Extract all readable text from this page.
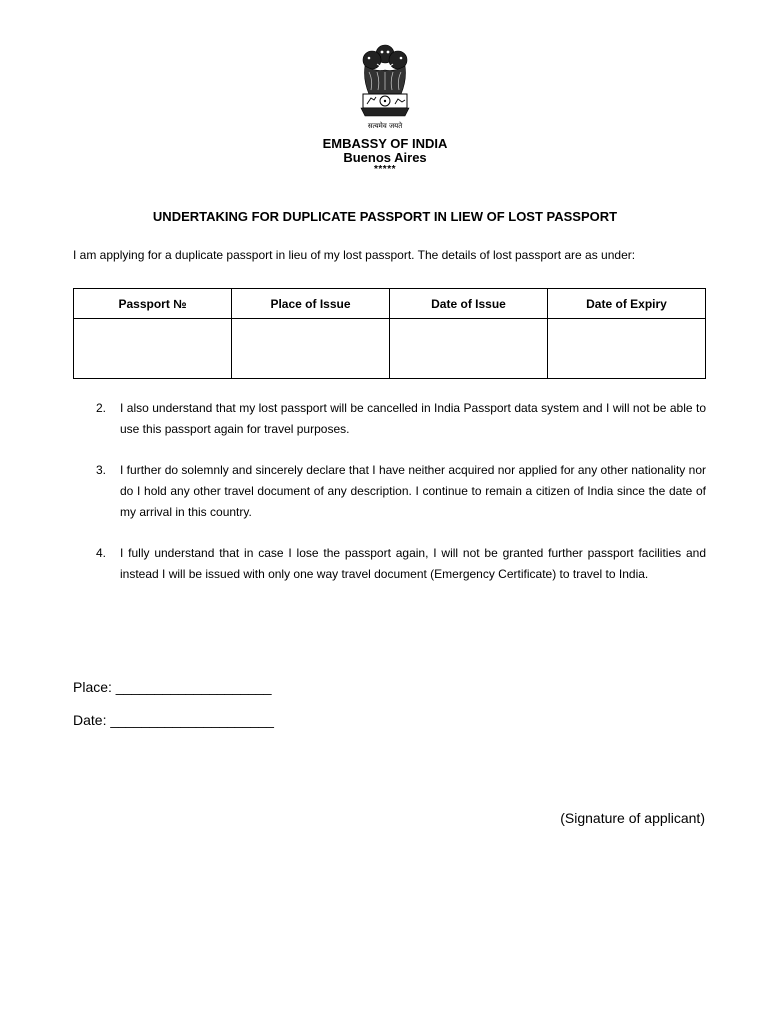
सत्यमेव जयते
EMBASSY OF INDIA
Buenos Aires
*****
UNDERTAKING FOR DUPLICATE PASSPORT IN LIEW OF LOST PASSPORT
I am applying for a duplicate passport in lieu of my lost passport. The details of lost passport are as under:
Passport №	Place of Issue	Date of Issue	Date of Expiry

2.	I also understand that my lost passport will be cancelled in India Passport data system and I will not be able to use this passport again for travel purposes.
3.	I further do solemnly and sincerely declare that I have neither acquired nor applied for any other nationality nor do I hold any other travel document of any description. I continue to remain a citizen of India since the date of my arrival in this country.
4.	I fully understand that in case I lose the passport again, I will not be granted further passport facilities and instead I will be issued with only one way travel document (Emergency Certificate) to travel to India.
Place: ____________________
Date: _____________________
(Signature of applicant)
